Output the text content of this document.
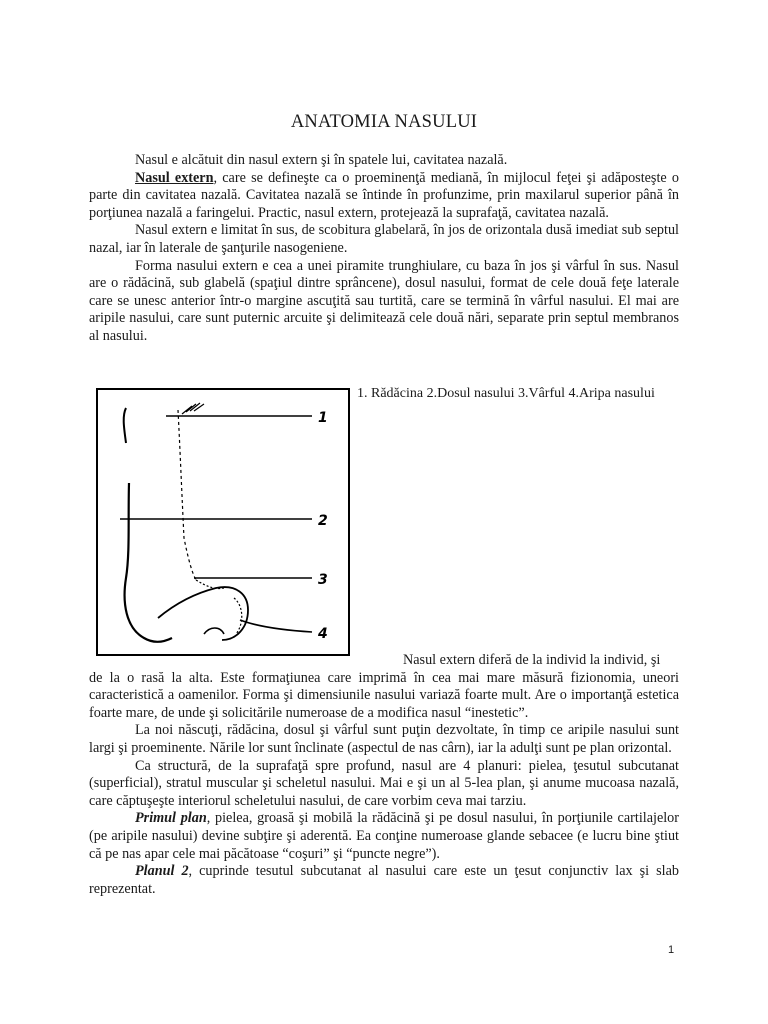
ANATOMIA NASULUI

Nasul e alcătuit din nasul extern şi în spatele lui, cavitatea nazală.

Nasul extern, care se defineşte ca o proeminenţă mediană, în mijlocul feţei şi adăposteşte o parte din cavitatea nazală. Cavitatea nazală se întinde în profunzime, prin maxilarul superior până în porţiunea nazală a faringelui. Practic, nasul extern, protejează la suprafaţă, cavitatea nazală.

Nasul extern e limitat în sus, de scobitura glabelară, în jos de orizontala dusă imediat sub septul nazal, iar în laterale de şanţurile nasogeniene.

Forma nasului extern e cea a unei piramite trunghiulare, cu baza în jos şi vârful în sus. Nasul are o rădăcină, sub glabelă (spaţiul dintre sprâncene), dosul nasului, format de cele două feţe laterale care se unesc anterior într-o margine ascuţită sau turtită, care se termină în vârful nasului. El mai are aripile nasului, care sunt puternic arcuite şi delimitează cele două nări, separate prin septul membranos al nasului.

1
2
3
4
1. Rădăcina 2.Dosul nasului 3.Vârful 4.Aripa nasului

Nasul extern diferă de la individ la individ, şi

de la o rasă la alta. Este formaţiunea care imprimă în cea mai mare măsură fizionomia, uneori caracteristică a oamenilor. Forma şi dimensiunile nasului variază foarte mult. Are o importanţă estetica foarte mare, de unde şi solicitările numeroase de a modifica nasul “inestetic”.

La noi născuţi, rădăcina, dosul şi vârful sunt puţin dezvoltate, în timp ce aripile nasului sunt largi şi proeminente. Nările lor sunt înclinate (aspectul de nas cârn), iar la adulţi sunt pe plan orizontal.

Ca structură, de la suprafaţă spre profund, nasul are 4 planuri: pielea, ţesutul subcutanat (superficial), stratul muscular şi scheletul nasului. Mai e şi un al 5-lea plan, şi anume mucoasa nazală, care căptuşeşte interiorul scheletului nasului, de care vorbim ceva mai tarziu.

Primul plan, pielea, groasă şi mobilă la rădăcină şi pe dosul nasului, în porţiunile cartilajelor (pe aripile nasului) devine subţire şi aderentă. Ea conţine numeroase glande sebacee (e lucru bine ştiut că pe nas apar cele mai păcătoase “coşuri” şi “puncte negre”).

Planul 2, cuprinde tesutul subcutanat al nasului care este un ţesut conjunctiv lax şi slab reprezentat.

1
